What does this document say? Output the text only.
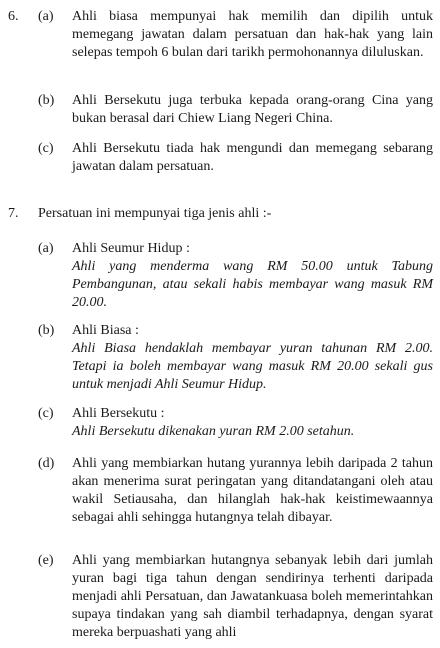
6. (a) Ahli biasa mempunyai hak memilih dan dipilih untuk memegang jawatan dalam persatuan dan hak-hak yang lain selepas tempoh 6 bulan dari tarikh permohonannya diluluskan.
(b) Ahli Bersekutu juga terbuka kepada orang-orang Cina yang bukan berasal dari Chiew Liang Negeri China.
(c) Ahli Bersekutu tiada hak mengundi dan memegang sebarang jawatan dalam persatuan.
7. Persatuan ini mempunyai tiga jenis ahli :-
(a) Ahli Seumur Hidup :
Ahli yang menderma wang RM 50.00 untuk Tabung Pembangunan, atau sekali habis membayar wang masuk RM 20.00.
(b) Ahli Biasa :
Ahli Biasa hendaklah membayar yuran tahunan RM 2.00. Tetapi ia boleh membayar wang masuk RM 20.00 sekali gus untuk menjadi Ahli Seumur Hidup.
(c) Ahli Bersekutu :
Ahli Bersekutu dikenakan yuran RM 2.00 setahun.
(d) Ahli yang membiarkan hutang yurannya lebih daripada 2 tahun akan menerima surat peringatan yang ditandatangani oleh atau wakil Setiausaha, dan hilanglah hak-hak keistimewaannya sebagai ahli sehingga hutangnya telah dibayar.
(e) Ahli yang membiarkan hutangnya sebanyak lebih dari jumlah yuran bagi tiga tahun dengan sendirinya terhenti daripada menjadi ahli Persatuan, dan Jawatankuasa boleh memerintahkan supaya tindakan yang sah diambil terhadapnya, dengan syarat mereka berpuashati yang ahli
